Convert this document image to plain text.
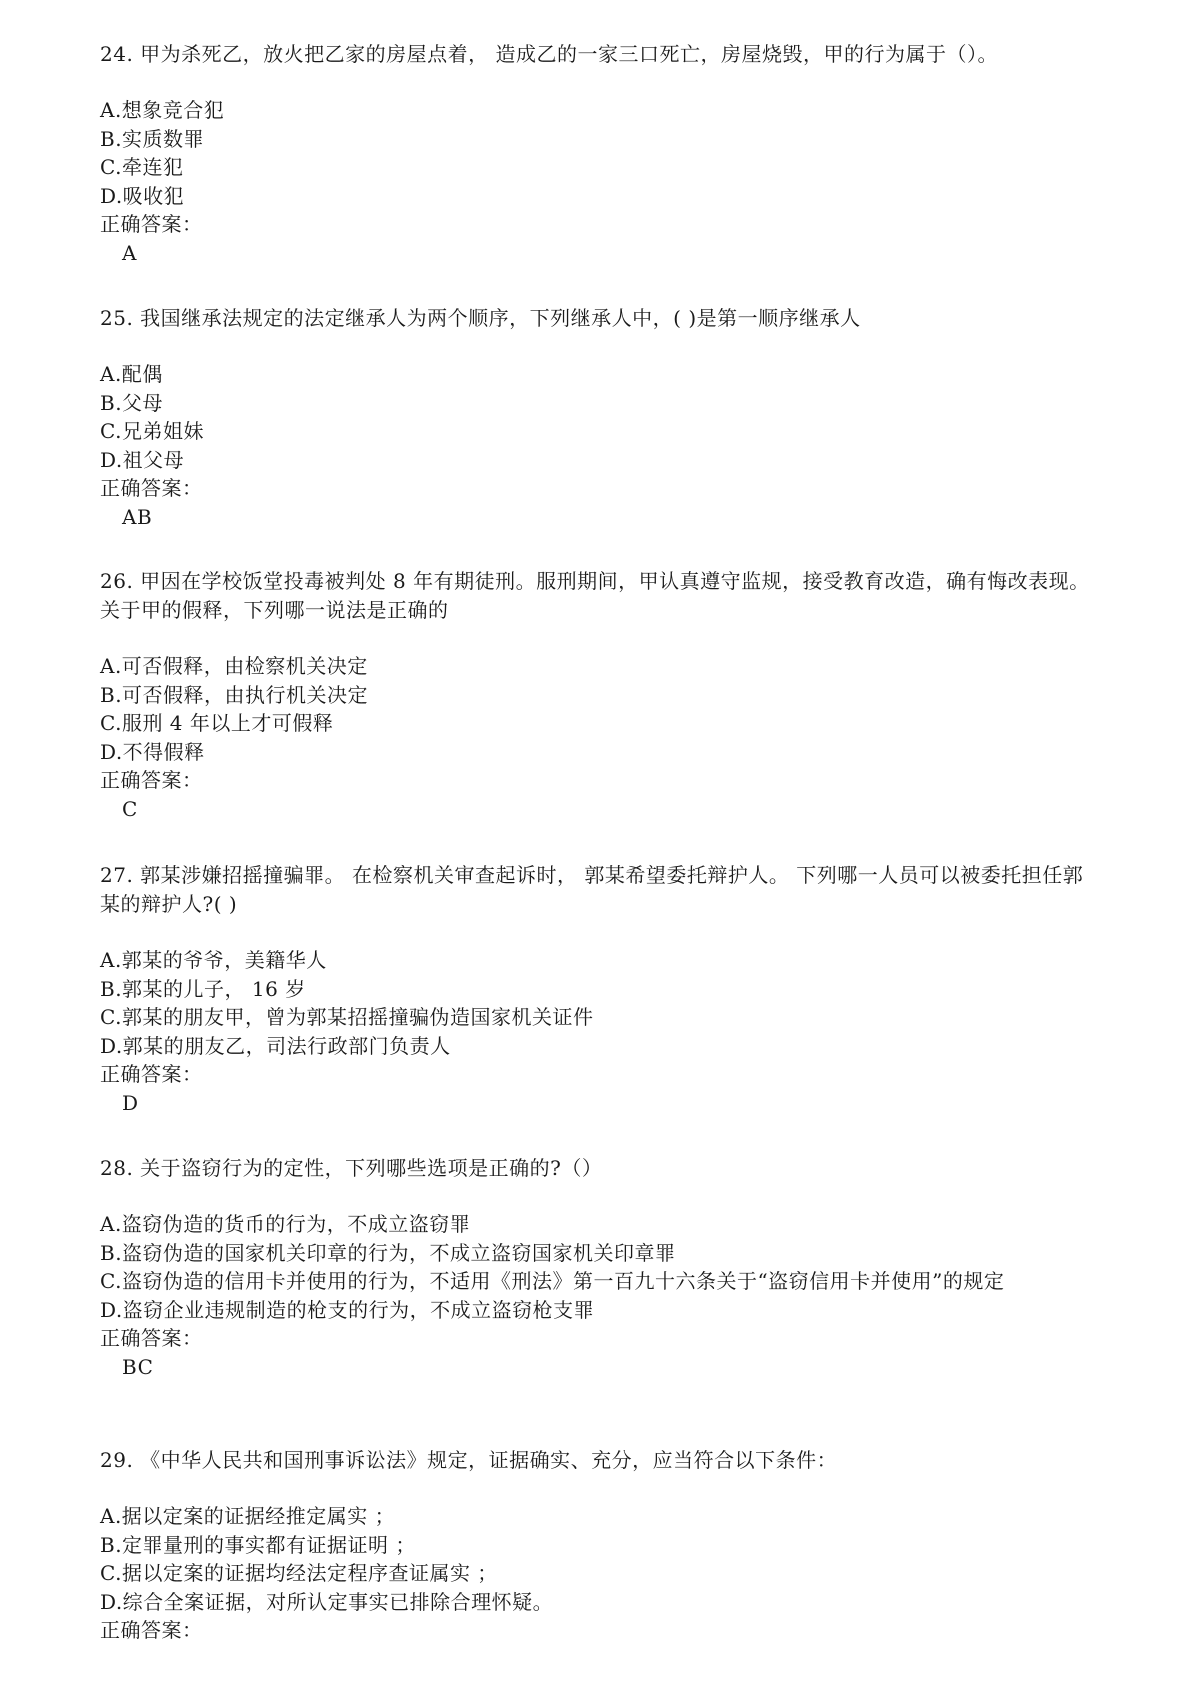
24. 甲为杀死乙，放火把乙家的房屋点着， 造成乙的一家三口死亡，房屋烧毁，甲的行为属于（）。

A.想象竞合犯

B.实质数罪

C.牵连犯

D.吸收犯

正确答案：

A

25. 我国继承法规定的法定继承人为两个顺序，下列继承人中，( )是第一顺序继承人

A.配偶

B.父母

C.兄弟姐妹

D.祖父母

正确答案：

AB

26. 甲因在学校饭堂投毒被判处 8 年有期徒刑。服刑期间，甲认真遵守监规，接受教育改造，确有悔改表现。关于甲的假释，下列哪一说法是正确的

A.可否假释，由检察机关决定

B.可否假释，由执行机关决定

C.服刑 4 年以上才可假释

D.不得假释

正确答案：

C

27. 郭某涉嫌招摇撞骗罪。 在检察机关审查起诉时， 郭某希望委托辩护人。 下列哪一人员可以被委托担任郭某的辩护人?( )

A.郭某的爷爷，美籍华人

B.郭某的儿子， 16 岁

C.郭某的朋友甲，曾为郭某招摇撞骗伪造国家机关证件

D.郭某的朋友乙，司法行政部门负责人

正确答案：

D

28. 关于盗窃行为的定性，下列哪些选项是正确的?（）

A.盗窃伪造的货币的行为，不成立盗窃罪

B.盗窃伪造的国家机关印章的行为，不成立盗窃国家机关印章罪

C.盗窃伪造的信用卡并使用的行为，不适用《刑法》第一百九十六条关于“盗窃信用卡并使用”的规定

D.盗窃企业违规制造的枪支的行为，不成立盗窃枪支罪

正确答案：

BC

29. 《中华人民共和国刑事诉讼法》规定，证据确实、充分，应当符合以下条件：

A.据以定案的证据经推定属实 ；

B.定罪量刑的事实都有证据证明 ；

C.据以定案的证据均经法定程序查证属实 ；

D.综合全案证据，对所认定事实已排除合理怀疑。

正确答案：
